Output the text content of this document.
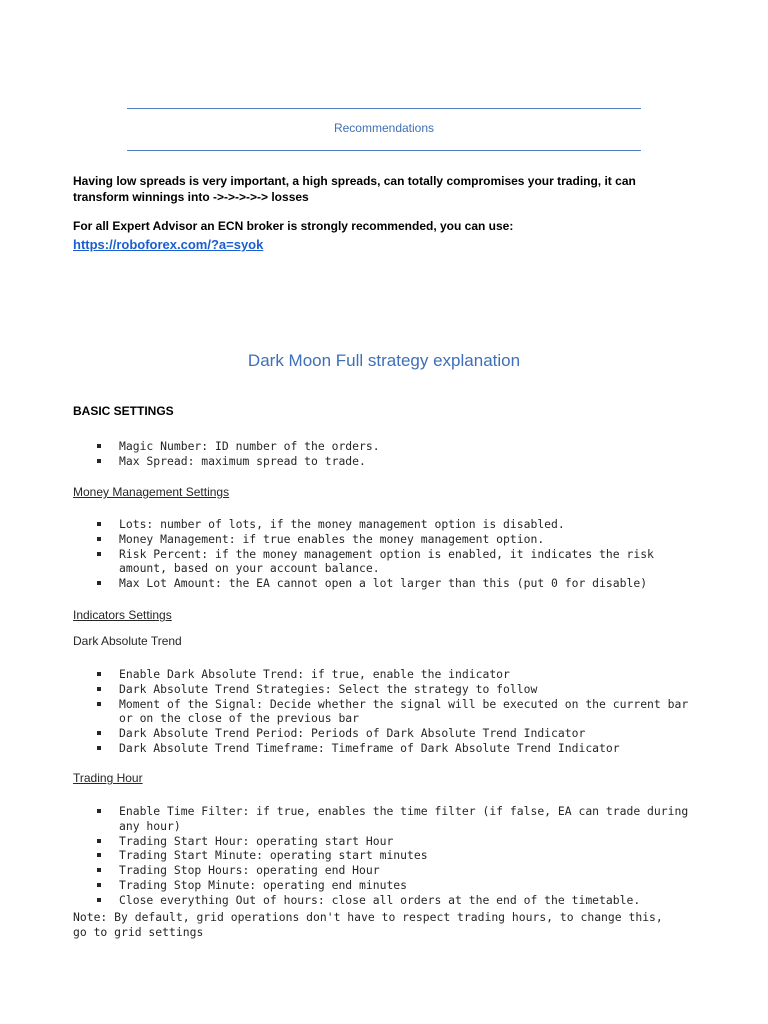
Recommendations
Having low spreads is very important, a high spreads, can totally compromises your trading, it can transform winnings into ->->->->-> losses
For all Expert Advisor an ECN broker is strongly recommended, you can use:
https://roboforex.com/?a=syok
Dark Moon Full strategy explanation
BASIC SETTINGS
Magic Number: ID number of the orders.
Max Spread: maximum spread to trade.
Money Management Settings
Lots: number of lots, if the money management option is disabled.
Money Management: if true enables the money management option.
Risk Percent: if the money management option is enabled, it indicates the risk amount, based on your account balance.
Max Lot Amount: the EA cannot open a lot larger than this (put 0 for disable)
Indicators Settings
Dark Absolute Trend
Enable Dark Absolute Trend: if true, enable the indicator
Dark Absolute Trend Strategies: Select the strategy to follow
Moment of the Signal: Decide whether the signal will be executed on the current bar or on the close of the previous bar
Dark Absolute Trend Period: Periods of Dark Absolute Trend Indicator
Dark Absolute Trend Timeframe: Timeframe of Dark Absolute Trend Indicator
Trading Hour
Enable Time Filter: if true, enables the time filter (if false, EA can trade during any hour)
Trading Start Hour: operating start Hour
Trading Start Minute: operating start minutes
Trading Stop Hours: operating end Hour
Trading Stop Minute: operating end minutes
Close everything Out of hours: close all orders at the end of the timetable.
Note: By default, grid operations don't have to respect trading hours, to change this, go to grid settings
